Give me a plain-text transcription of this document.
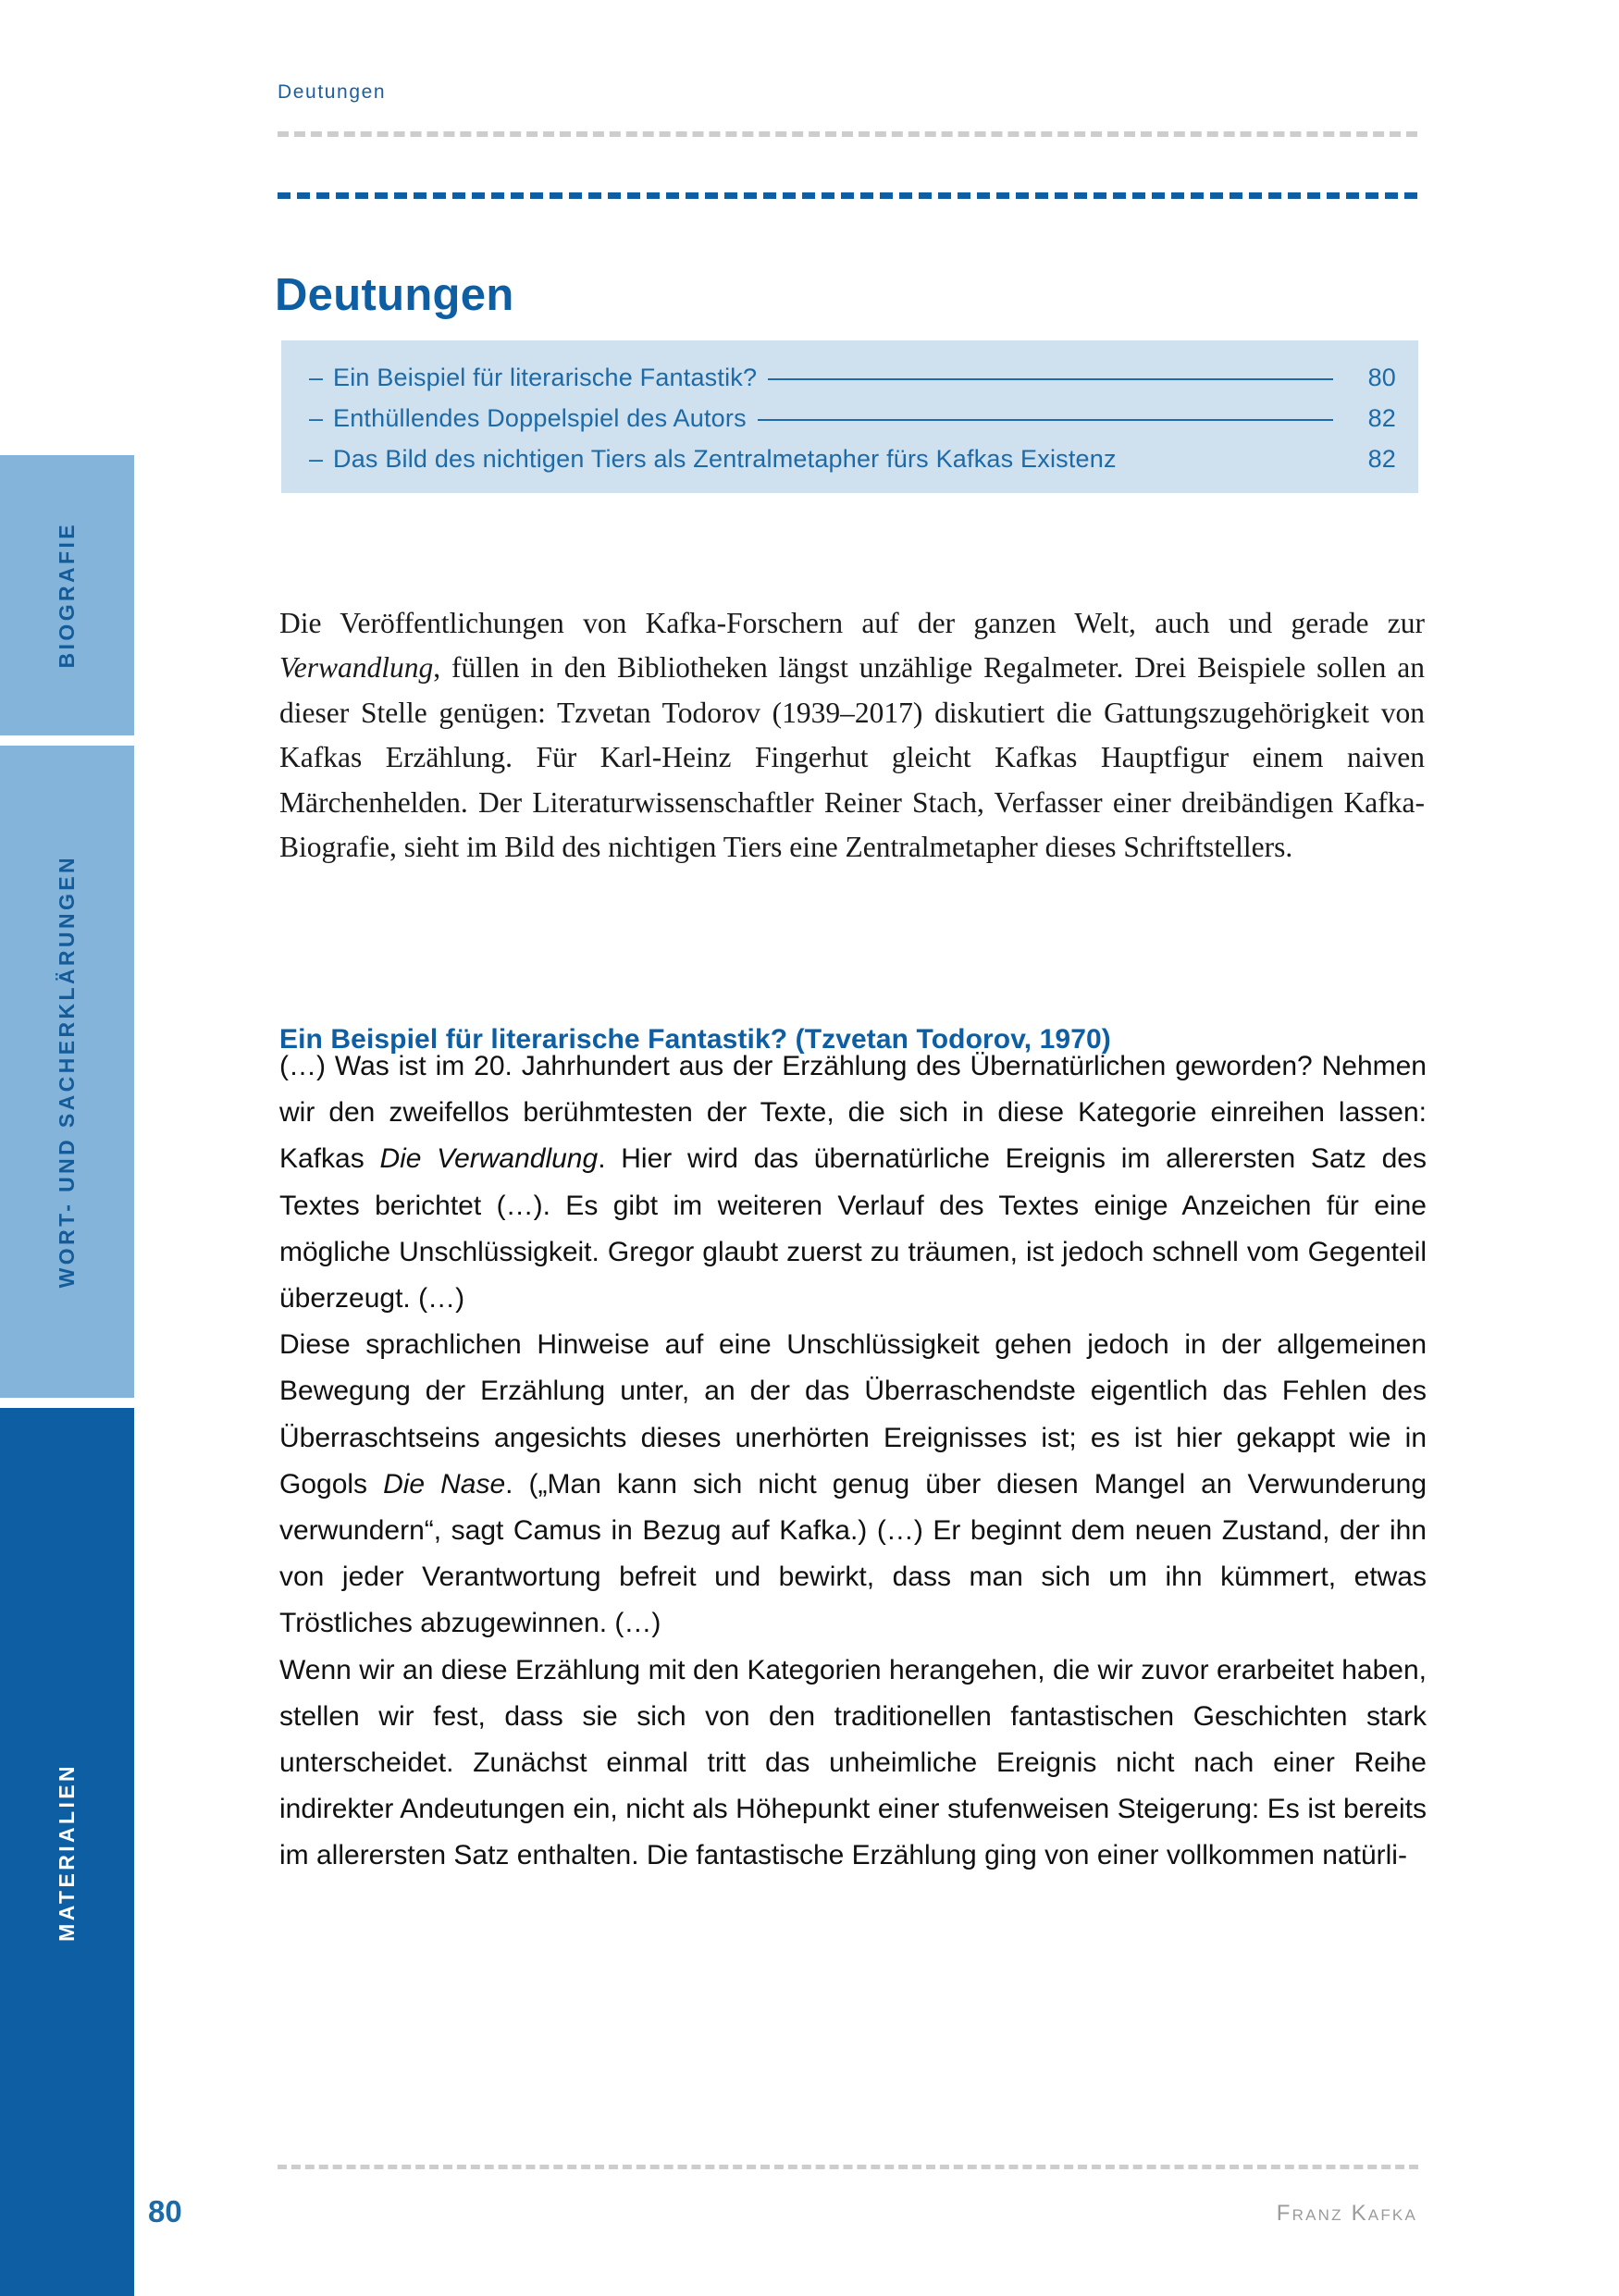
BIOGRAFIE
WORT- UND SACHERKLÄRUNGEN
MATERIALIEN
Deutungen
Deutungen
– Ein Beispiel für literarische Fantastik?	80
– Enthüllendes Doppelspiel des Autors	82
– Das Bild des nichtigen Tiers als Zentralmetapher fürs Kafkas Existenz	82

Die Veröffentlichungen von Kafka-Forschern auf der ganzen Welt, auch und gerade zur Verwandlung, füllen in den Bibliotheken längst unzählige Regalmeter. Drei Beispiele sollen an dieser Stelle genügen: Tzvetan Todorov (1939–2017) diskutiert die Gattungszugehörigkeit von Kafkas Erzählung. Für Karl-Heinz Fingerhut gleicht Kafkas Hauptfigur einem naiven Märchenhelden. Der Literaturwissenschaftler Reiner Stach, Verfasser einer dreibändigen Kafka-Biografie, sieht im Bild des nichtigen Tiers eine Zentralmetapher dieses Schriftstellers.

Ein Beispiel für literarische Fantastik? (Tzvetan Todorov, 1970)

(…) Was ist im 20. Jahrhundert aus der Erzählung des Übernatürlichen geworden? Nehmen wir den zweifellos berühmtesten der Texte, die sich in diese Kategorie einreihen lassen: Kafkas Die Verwandlung. Hier wird das übernatürliche Ereignis im allerersten Satz des Textes berichtet (…). Es gibt im weiteren Verlauf des Textes einige Anzeichen für eine mögliche Unschlüssigkeit. Gregor glaubt zuerst zu träumen, ist jedoch schnell vom Gegenteil überzeugt. (…)

Diese sprachlichen Hinweise auf eine Unschlüssigkeit gehen jedoch in der allgemeinen Bewegung der Erzählung unter, an der das Überraschendste eigentlich das Fehlen des Überraschtseins angesichts dieses unerhörten Ereignisses ist; es ist hier gekappt wie in Gogols Die Nase. („Man kann sich nicht genug über diesen Mangel an Verwunderung verwundern“, sagt Camus in Bezug auf Kafka.) (…) Er beginnt dem neuen Zustand, der ihn von jeder Verantwortung befreit und bewirkt, dass man sich um ihn kümmert, etwas Tröstliches abzugewinnen. (…)

Wenn wir an diese Erzählung mit den Kategorien herangehen, die wir zuvor erarbeitet haben, stellen wir fest, dass sie sich von den traditionellen fantastischen Geschichten stark unterscheidet. Zunächst einmal tritt das unheimliche Ereignis nicht nach einer Reihe indirekter Andeutungen ein, nicht als Höhepunkt einer stufenweisen Steigerung: Es ist bereits im allerersten Satz enthalten. Die fantastische Erzählung ging von einer vollkommen natürli-

80	Franz Kafka
